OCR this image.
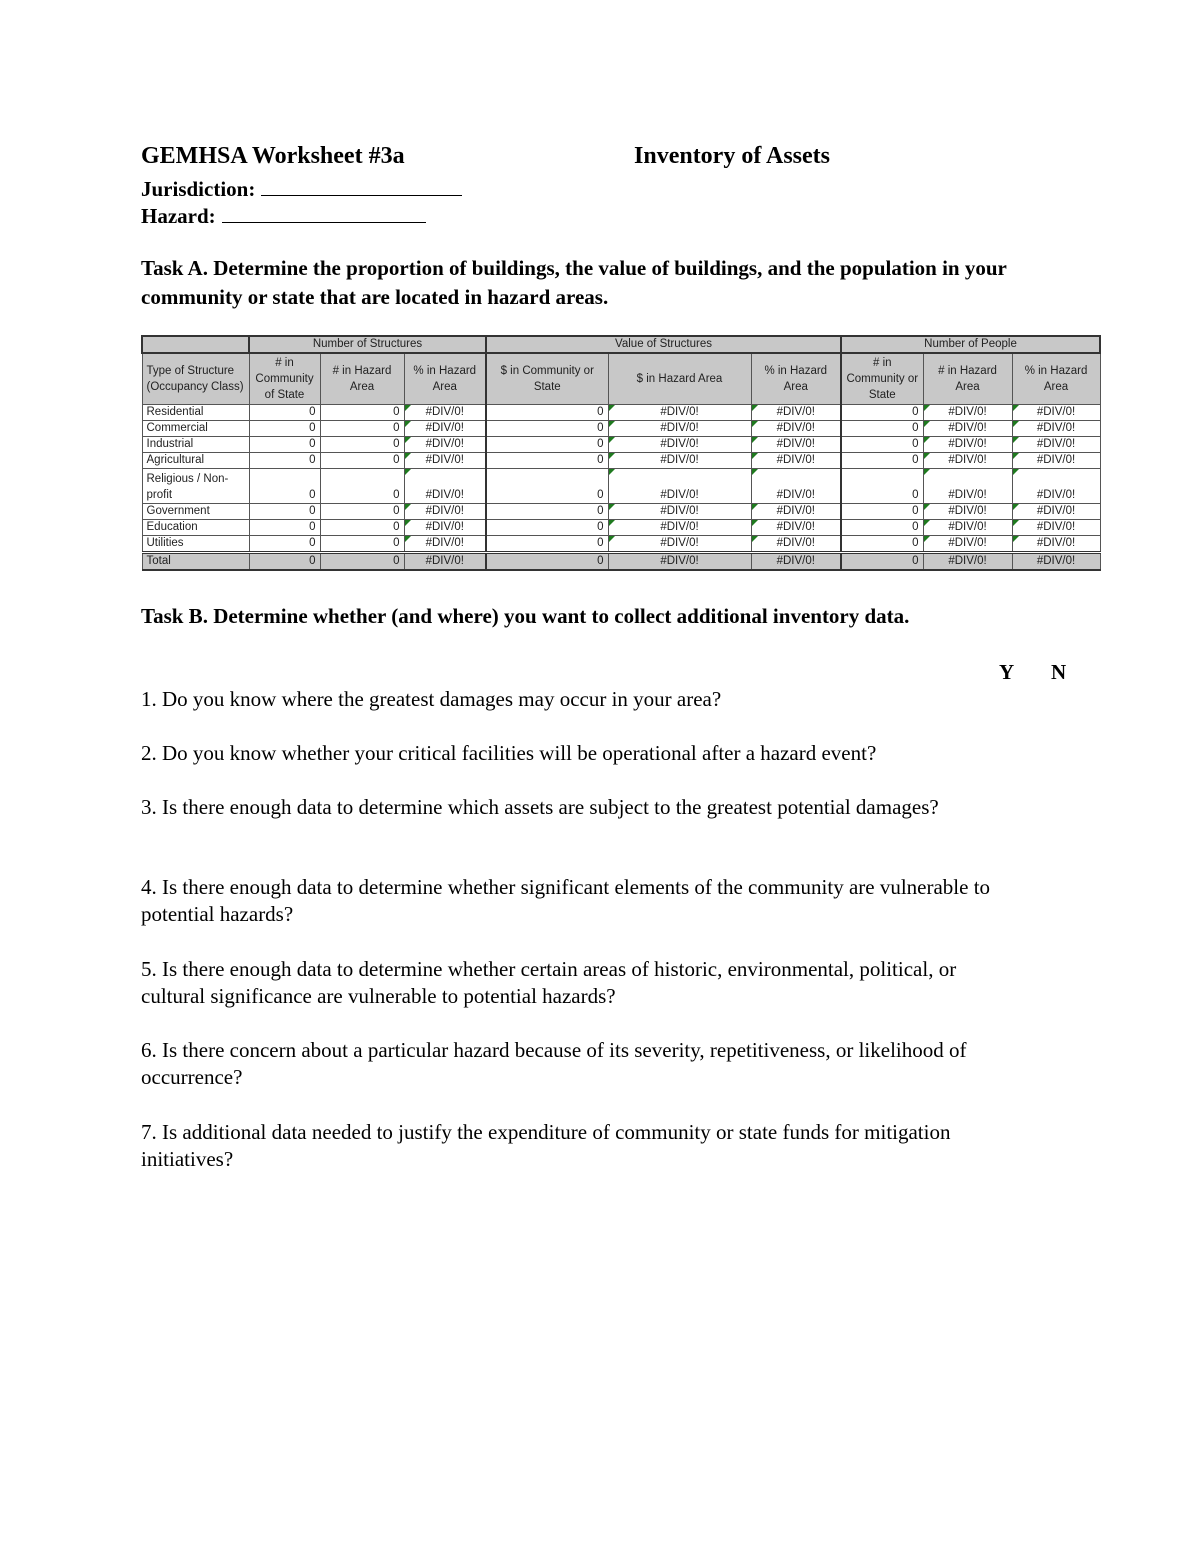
GEMHSA Worksheet #3a	Inventory of Assets
Jurisdiction:
Hazard:
Task A. Determine the proportion of buildings, the value of buildings, and the population in your community or state that are located in hazard areas.
	Number of Structures			Value of Structures			Number of People		
Type of Structure (Occupancy Class)	# in Community of State	# in Hazard Area	% in Hazard Area	$ in Community or State	$ in Hazard Area	% in Hazard Area	# in Community or State	# in Hazard Area	% in Hazard Area
Residential	0	0	#DIV/0!	0	#DIV/0!	#DIV/0!	0	#DIV/0!	#DIV/0!
Commercial	0	0	#DIV/0!	0	#DIV/0!	#DIV/0!	0	#DIV/0!	#DIV/0!
Industrial	0	0	#DIV/0!	0	#DIV/0!	#DIV/0!	0	#DIV/0!	#DIV/0!
Agricultural	0	0	#DIV/0!	0	#DIV/0!	#DIV/0!	0	#DIV/0!	#DIV/0!
Religious / Non-profit	0	0	#DIV/0!	0	#DIV/0!	#DIV/0!	0	#DIV/0!	#DIV/0!
Government	0	0	#DIV/0!	0	#DIV/0!	#DIV/0!	0	#DIV/0!	#DIV/0!
Education	0	0	#DIV/0!	0	#DIV/0!	#DIV/0!	0	#DIV/0!	#DIV/0!
Utilities	0	0	#DIV/0!	0	#DIV/0!	#DIV/0!	0	#DIV/0!	#DIV/0!
Total	0	0	#DIV/0!	0	#DIV/0!	#DIV/0!	0	#DIV/0!	#DIV/0!
Task B. Determine whether (and where) you want to collect additional inventory data.
Y N
1. Do you know where the greatest damages may occur in your area?
2. Do you know whether your critical facilities will be operational after a hazard event?
3. Is there enough data to determine which assets are subject to the greatest potential damages?
4. Is there enough data to determine whether significant elements of the community are vulnerable to potential hazards?
5. Is there enough data to determine whether certain areas of historic, environmental, political, or cultural significance are vulnerable to potential hazards?
6. Is there concern about a particular hazard because of its severity, repetitiveness, or likelihood of occurrence?
7. Is additional data needed to justify the expenditure of community or state funds for mitigation initiatives?
